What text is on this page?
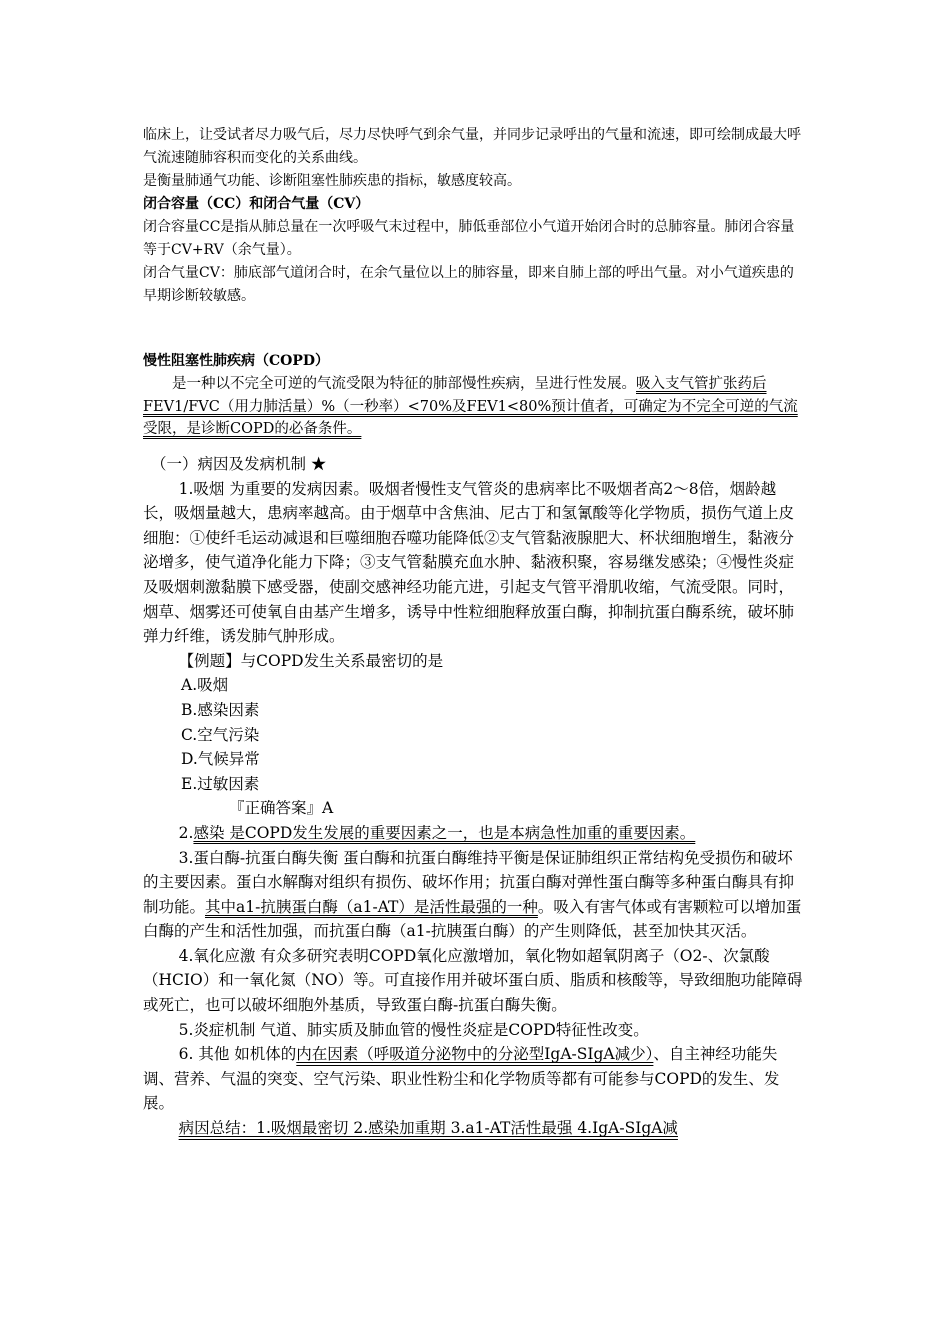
临床上，让受试者尽力吸气后，尽力尽快呼气到余气量，并同步记录呼出的气量和流速，即可绘制成最大呼气流速随肺容积而变化的关系曲线。

是衡量肺通气功能、诊断阻塞性肺疾患的指标，敏感度较高。

闭合容量（CC）和闭合气量（CV）

闭合容量CC是指从肺总量在一次呼吸气末过程中，肺低垂部位小气道开始闭合时的总肺容量。肺闭合容量等于CV+RV（余气量）。

闭合气量CV：肺底部气道闭合时，在余气量位以上的肺容量，即来自肺上部的呼出气量。对小气道疾患的早期诊断较敏感。

慢性阻塞性肺疾病（COPD）

是一种以不完全可逆的气流受限为特征的肺部慢性疾病，呈进行性发展。吸入支气管扩张药后FEV1/FVC（用力肺活量）%（一秒率）<70%及FEV1<80%预计值者，可确定为不完全可逆的气流受限，是诊断COPD的必备条件。

（一）病因及发病机制 ★

1.吸烟 为重要的发病因素。吸烟者慢性支气管炎的患病率比不吸烟者高2～8倍，烟龄越长，吸烟量越大，患病率越高。由于烟草中含焦油、尼古丁和氢氰酸等化学物质，损伤气道上皮细胞：①使纤毛运动减退和巨噬细胞吞噬功能降低②支气管黏液腺肥大、杯状细胞增生，黏液分泌增多，使气道净化能力下降；③支气管黏膜充血水肿、黏液积聚，容易继发感染；④慢性炎症及吸烟刺激黏膜下感受器，使副交感神经功能亢进，引起支气管平滑肌收缩，气流受限。同时，烟草、烟雾还可使氧自由基产生增多，诱导中性粒细胞释放蛋白酶，抑制抗蛋白酶系统，破坏肺弹力纤维，诱发肺气肿形成。

【例题】与COPD发生关系最密切的是

A.吸烟

B.感染因素

C.空气污染

D.气候异常

E.过敏因素

『正确答案』A

2.感染 是COPD发生发展的重要因素之一，也是本病急性加重的重要因素。

3.蛋白酶-抗蛋白酶失衡 蛋白酶和抗蛋白酶维持平衡是保证肺组织正常结构免受损伤和破坏的主要因素。蛋白水解酶对组织有损伤、破坏作用；抗蛋白酶对弹性蛋白酶等多种蛋白酶具有抑制功能。其中a1-抗胰蛋白酶（a1-AT）是活性最强的一种。吸入有害气体或有害颗粒可以增加蛋白酶的产生和活性加强，而抗蛋白酶（a1-抗胰蛋白酶）的产生则降低，甚至加快其灭活。

4.氧化应激 有众多研究表明COPD氧化应激增加，氧化物如超氧阴离子（O2-、次氯酸（HCIO）和一氧化氮（NO）等。可直接作用并破坏蛋白质、脂质和核酸等，导致细胞功能障碍或死亡，也可以破坏细胞外基质，导致蛋白酶-抗蛋白酶失衡。

5.炎症机制 气道、肺实质及肺血管的慢性炎症是COPD特征性改变。

6. 其他 如机体的内在因素（呼吸道分泌物中的分泌型IgA-SIgA减少）、自主神经功能失调、营养、气温的突变、空气污染、职业性粉尘和化学物质等都有可能参与COPD的发生、发展。

病因总结：1.吸烟最密切 2.感染加重期 3.a1-AT活性最强 4.IgA-SIgA减
